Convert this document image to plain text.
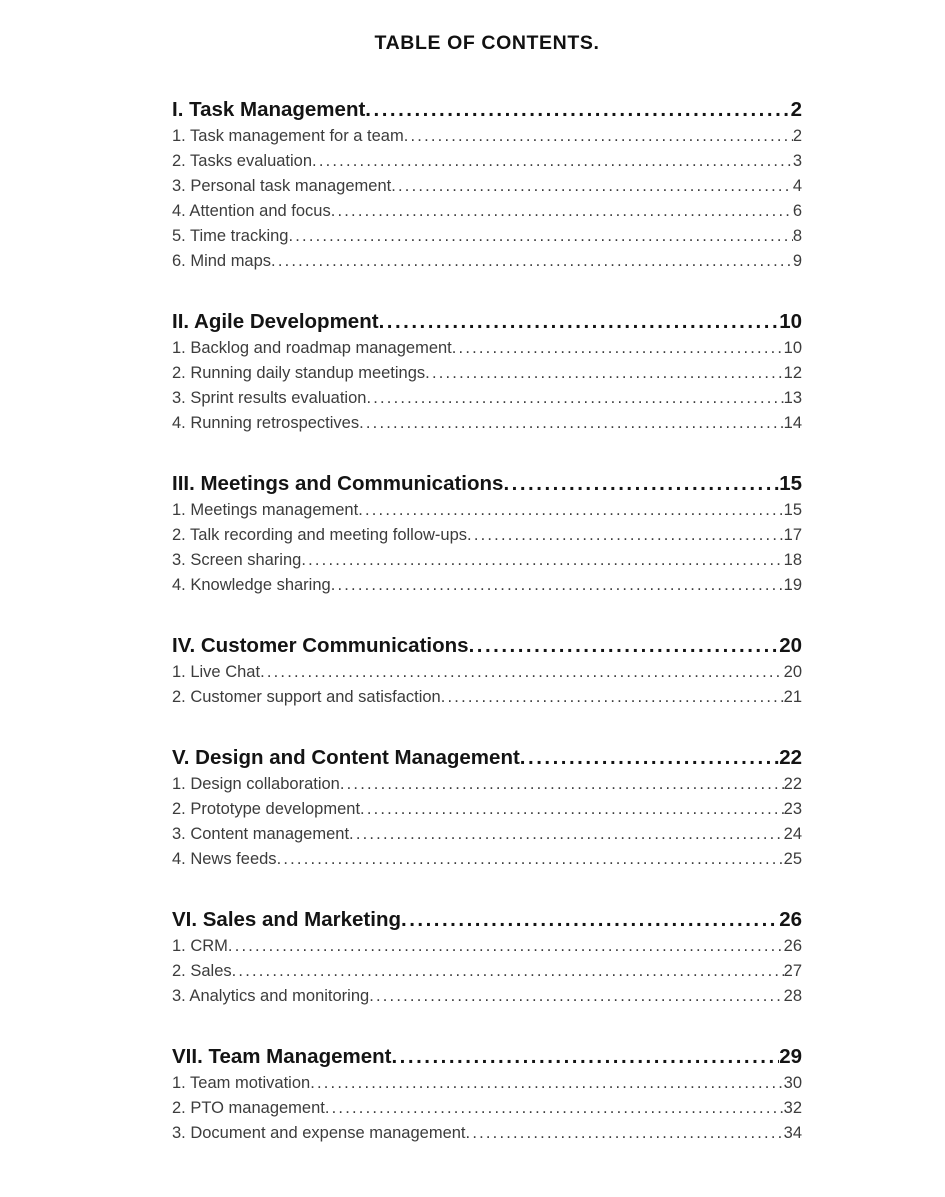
TABLE OF CONTENTS.
I. Task Management .....	2
1. Task management for a team .....	2
2. Tasks evaluation .....	3
3. Personal task management .....	4
4. Attention and focus .....	6
5. Time tracking .....	8
6. Mind maps .....	9
II. Agile Development .....	10
1. Backlog and roadmap management .....	10
2. Running daily standup meetings .....	12
3. Sprint results evaluation .....	13
4. Running retrospectives .....	14
III. Meetings and Communications .....	15
1. Meetings management .....	15
2. Talk recording and meeting follow-ups .....	17
3. Screen sharing .....	18
4. Knowledge sharing .....	19
IV. Customer Communications .....	20
1. Live Chat .....	20
2. Customer support and satisfaction .....	21
V. Design and Content Management .....	22
1. Design collaboration .....	22
2. Prototype development .....	23
3. Content management .....	24
4. News feeds .....	25
VI. Sales and Marketing .....	26
1. CRM .....	26
2. Sales .....	27
3. Analytics and monitoring .....	28
VII. Team Management .....	29
1. Team motivation .....	30
2. PTO management .....	32
3. Document and expense management .....	34
